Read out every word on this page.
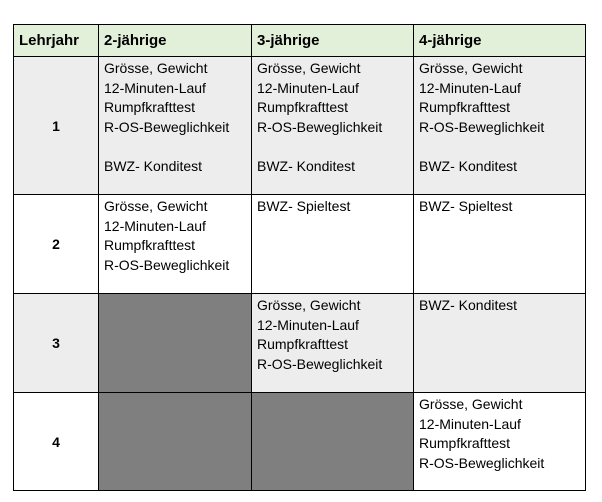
Lehrjahr	2-jährige	3-jährige	4-jährige
1	Grösse, Gewicht
12-Minuten-Lauf
Rumpfkrafttest
R-OS-Beweglichkeit

BWZ- Konditest	Grösse, Gewicht
12-Minuten-Lauf
Rumpfkrafttest
R-OS-Beweglichkeit

BWZ- Konditest	Grösse, Gewicht
12-Minuten-Lauf
Rumpfkrafttest
R-OS-Beweglichkeit

BWZ- Konditest

2	Grösse, Gewicht
12-Minuten-Lauf
Rumpfkrafttest
R-OS-Beweglichkeit	BWZ- Spieltest	BWZ- Spieltest

3		Grösse, Gewicht
12-Minuten-Lauf
Rumpfkrafttest
R-OS-Beweglichkeit	BWZ- Konditest

4			Grösse, Gewicht
12-Minuten-Lauf
Rumpfkrafttest
R-OS-Beweglichkeit
